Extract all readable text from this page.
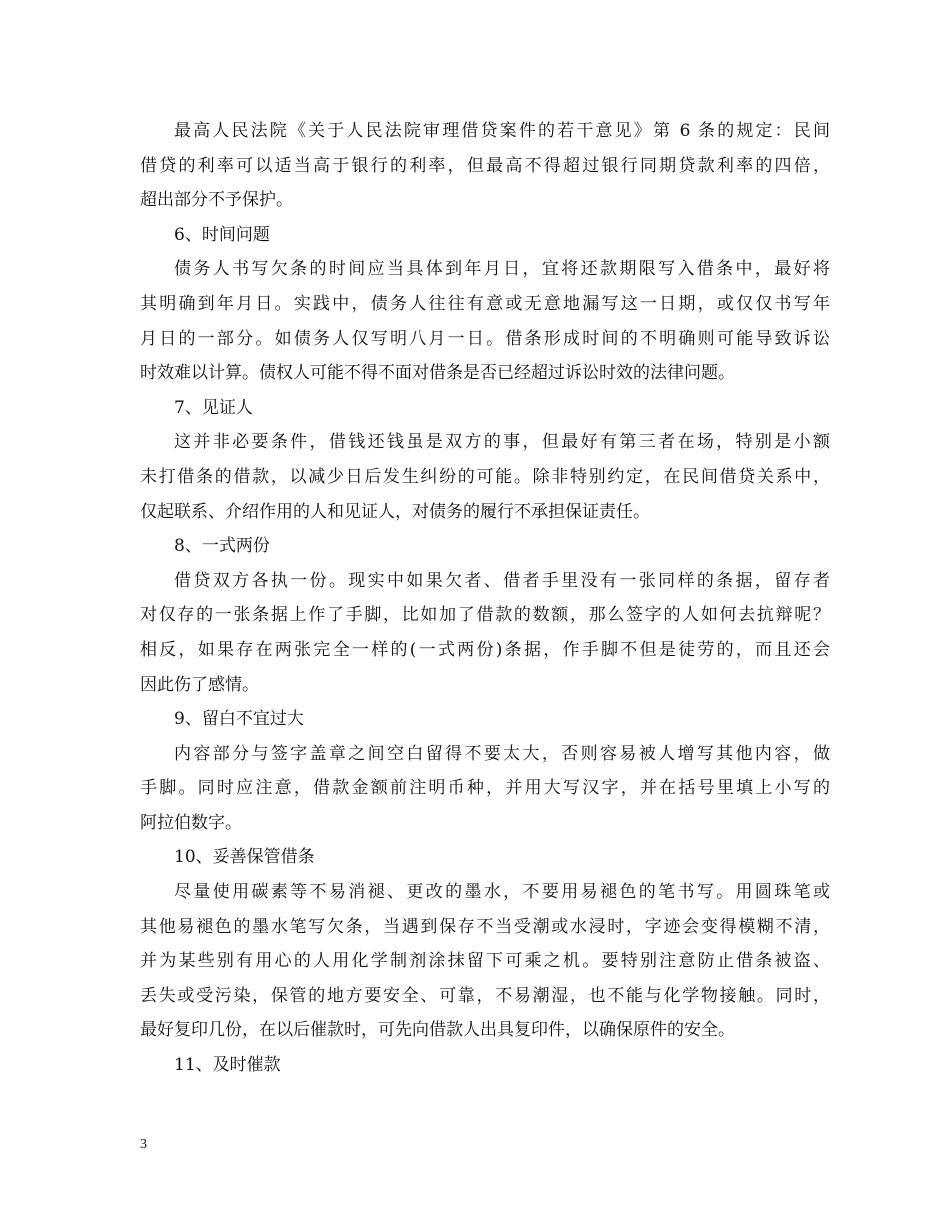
最高人民法院《关于人民法院审理借贷案件的若干意见》第 6 条的规定：民间
借贷的利率可以适当高于银行的利率，但最高不得超过银行同期贷款利率的四倍，
超出部分不予保护。
6、时间问题
债务人书写欠条的时间应当具体到年月日，宜将还款期限写入借条中，最好将
其明确到年月日。实践中，债务人往往有意或无意地漏写这一日期，或仅仅书写年
月日的一部分。如债务人仅写明八月一日。借条形成时间的不明确则可能导致诉讼
时效难以计算。债权人可能不得不面对借条是否已经超过诉讼时效的法律问题。
7、见证人
这并非必要条件，借钱还钱虽是双方的事，但最好有第三者在场，特别是小额
未打借条的借款，以减少日后发生纠纷的可能。除非特别约定，在民间借贷关系中，
仅起联系、介绍作用的人和见证人，对债务的履行不承担保证责任。
8、一式两份
借贷双方各执一份。现实中如果欠者、借者手里没有一张同样的条据，留存者
对仅存的一张条据上作了手脚，比如加了借款的数额，那么签字的人如何去抗辩呢？
相反，如果存在两张完全一样的(一式两份)条据，作手脚不但是徒劳的，而且还会
因此伤了感情。
9、留白不宜过大
内容部分与签字盖章之间空白留得不要太大，否则容易被人增写其他内容，做
手脚。同时应注意，借款金额前注明币种，并用大写汉字，并在括号里填上小写的
阿拉伯数字。
10、妥善保管借条
尽量使用碳素等不易消褪、更改的墨水，不要用易褪色的笔书写。用圆珠笔或
其他易褪色的墨水笔写欠条，当遇到保存不当受潮或水浸时，字迹会变得模糊不清，
并为某些别有用心的人用化学制剂涂抹留下可乘之机。要特别注意防止借条被盗、
丢失或受污染，保管的地方要安全、可靠，不易潮湿，也不能与化学物接触。同时，
最好复印几份，在以后催款时，可先向借款人出具复印件，以确保原件的安全。
11、及时催款
3
